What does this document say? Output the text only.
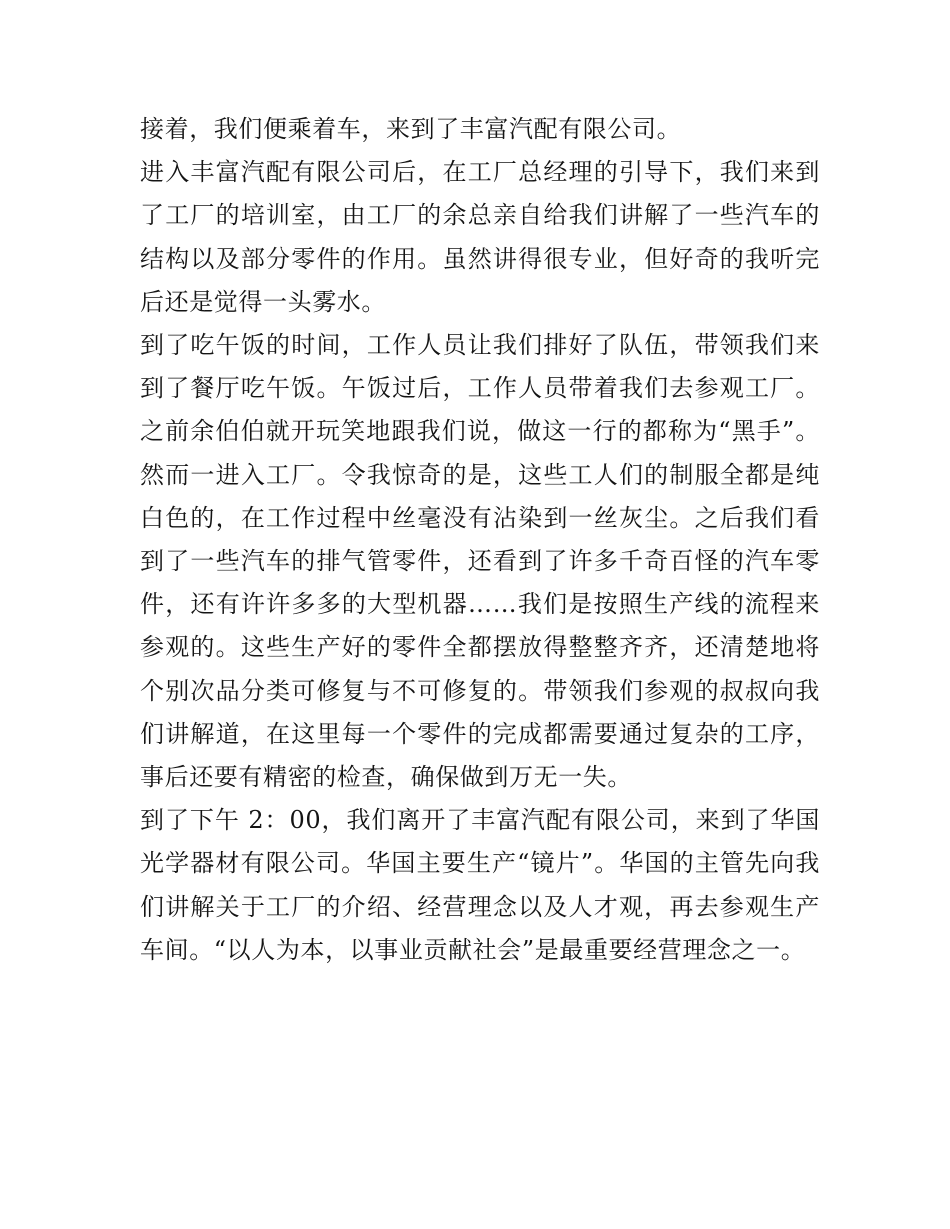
接着，我们便乘着车，来到了丰富汽配有限公司。

进入丰富汽配有限公司后，在工厂总经理的引导下，我们来到了工厂的培训室，由工厂的余总亲自给我们讲解了一些汽车的结构以及部分零件的作用。虽然讲得很专业，但好奇的我听完后还是觉得一头雾水。

到了吃午饭的时间，工作人员让我们排好了队伍，带领我们来到了餐厅吃午饭。午饭过后，工作人员带着我们去参观工厂。之前余伯伯就开玩笑地跟我们说，做这一行的都称为“黑手”。然而一进入工厂。令我惊奇的是，这些工人们的制服全都是纯白色的，在工作过程中丝毫没有沾染到一丝灰尘。之后我们看到了一些汽车的排气管零件，还看到了许多千奇百怪的汽车零件，还有许许多多的大型机器……我们是按照生产线的流程来参观的。这些生产好的零件全都摆放得整整齐齐，还清楚地将个别次品分类可修复与不可修复的。带领我们参观的叔叔向我们讲解道，在这里每一个零件的完成都需要通过复杂的工序，事后还要有精密的检查，确保做到万无一失。

到了下午 2：00，我们离开了丰富汽配有限公司，来到了华国光学器材有限公司。华国主要生产“镜片”。华国的主管先向我们讲解关于工厂的介绍、经营理念以及人才观，再去参观生产车间。“以人为本，以事业贡献社会”是最重要经营理念之一。
